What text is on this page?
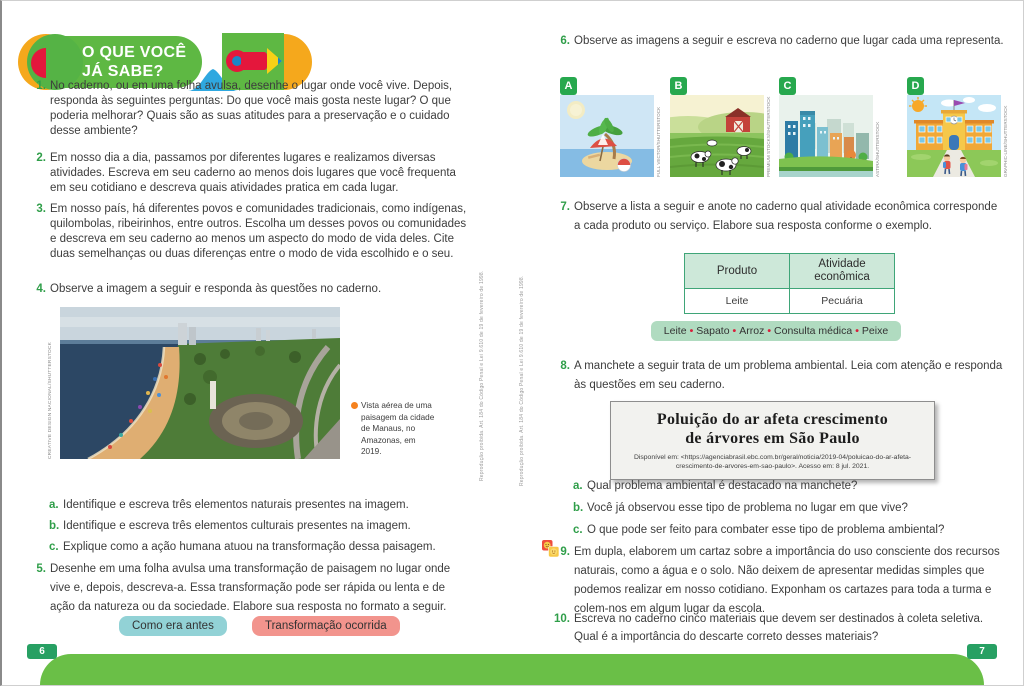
O QUE VOCÊ
JÁ SABE?
1. No caderno, ou em uma folha avulsa, desenhe o lugar onde você vive. Depois, responda às seguintes perguntas: Do que você mais gosta neste lugar? O que poderia melhorar? Quais são as suas atitudes para a preservação e o cuidado desse ambiente?
2. Em nosso dia a dia, passamos por diferentes lugares e realizamos diversas atividades. Escreva em seu caderno ao menos dois lugares que você frequenta em seu cotidiano e descreva quais atividades pratica em cada lugar.
3. Em nosso país, há diferentes povos e comunidades tradicionais, como indígenas, quilombolas, ribeirinhos, entre outros. Escolha um desses povos ou comunidades e descreva em seu caderno ao menos um aspecto do modo de vida deles. Cite duas semelhanças ou duas diferenças entre o modo de vida escolhido e o seu.
4. Observe a imagem a seguir e responda às questões no caderno.
CREATIVE DESIGN NACIONAL/SHUTTERSTOCK	Vista aérea de uma paisagem da cidade de Manaus, no Amazonas, em 2019.
a. Identifique e escreva três elementos naturais presentes na imagem.
b. Identifique e escreva três elementos culturais presentes na imagem.
c. Explique como a ação humana atuou na transformação dessa paisagem.
5. Desenhe em uma folha avulsa uma transformação de paisagem no lugar onde vive e, depois, descreva-a. Essa transformação pode ser rápida ou lenta e de ação da natureza ou da sociedade. Elabore sua resposta no formato a seguir.
Como era antes	Transformação ocorrida
Reprodução proibida. Art. 184 do Código Penal e Lei 9.610 de 19 de fevereiro de 1998.
6. Observe as imagens a seguir e escreva no caderno que lugar cada uma representa.
A
FULL VECTOR/SHUTTERSTOCK
B
PREMIUM STOCKS/SHUTTERSTOCK
C
ASTIRA/SHUTTERSTOCK
D
GRAPHIC-LINE/SHUTTERSTOCK
7. Observe a lista a seguir e anote no caderno qual atividade econômica corresponde a cada produto ou serviço. Elabore sua resposta conforme o exemplo.
Produto	Atividade econômica
Leite	Pecuária
Leite • Sapato • Arroz • Consulta médica • Peixe
8. A manchete a seguir trata de um problema ambiental. Leia com atenção e responda às questões em seu caderno.
Poluição do ar afeta crescimento de árvores em São Paulo
Disponível em: <https://agenciabrasil.ebc.com.br/geral/noticia/2019-04/poluicao-do-ar-afeta-crescimento-de-arvores-em-sao-paulo>. Acesso em: 8 jul. 2021.
a. Qual problema ambiental é destacado na manchete?
b. Você já observou esse tipo de problema no lugar em que vive?
c. O que pode ser feito para combater esse tipo de problema ambiental?
9. Em dupla, elaborem um cartaz sobre a importância do uso consciente dos recursos naturais, como a água e o solo. Não deixem de apresentar medidas simples que podemos realizar em nosso cotidiano. Exponham os cartazes para toda a turma e colem-nos em algum lugar da escola.
10. Escreva no caderno cinco materiais que devem ser destinados à coleta seletiva. Qual é a importância do descarte correto desses materiais?
Reprodução proibida. Art. 184 do Código Penal e Lei 9.610 de 19 de fevereiro de 1998.
6	7
